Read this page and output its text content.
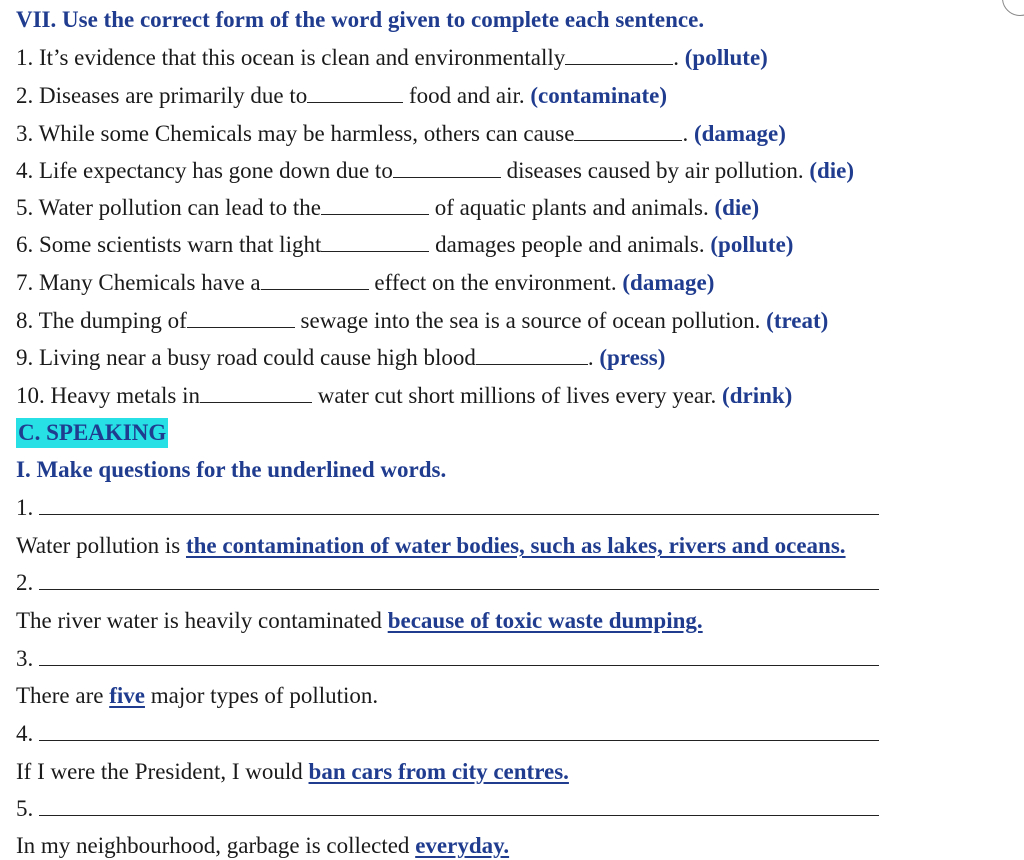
VII. Use the correct form of the word given to complete each sentence.
1. It’s evidence that this ocean is clean and environmentally	. (pollute)
2. Diseases are primarily due to	food and air. (contaminate)
3. While some Chemicals may be harmless, others can cause	. (damage)
4. Life expectancy has gone down due to	diseases caused by air pollution. (die)
5. Water pollution can lead to the	of aquatic plants and animals. (die)
6. Some scientists warn that light	damages people and animals. (pollute)
7. Many Chemicals have a	effect on the environment. (damage)
8. The dumping of	sewage into the sea is a source of ocean pollution. (treat)
9. Living near a busy road could cause high blood	. (press)
10. Heavy metals in	water cut short millions of lives every year. (drink)
C. SPEAKING
I. Make questions for the underlined words.
1.
Water pollution is the contamination of water bodies, such as lakes, rivers and oceans.
2.
The river water is heavily contaminated because of toxic waste dumping.
3.
There are five major types of pollution.
4.
If I were the President, I would ban cars from city centres.
5.
In my neighbourhood, garbage is collected everyday.
